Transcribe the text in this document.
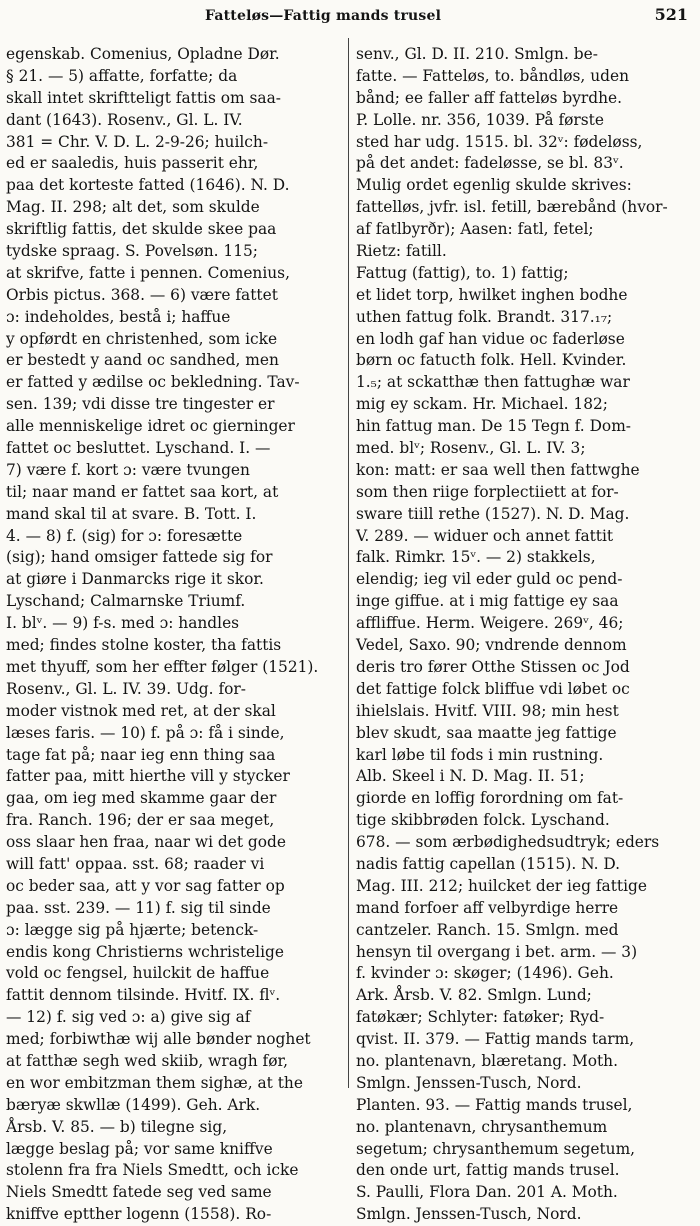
Fatteløs—Fattig mands trusel	521
egenskab. Comenius, Opladne Dør.
§ 21. — 5) affatte, forfatte; da
skall intet skriftteligt fattis om saa-
dant (1643). Rosenv., Gl. L. IV.
381 = Chr. V. D. L. 2-9-26; huilch-
ed er saaledis, huis passerit ehr,
paa det korteste fatted (1646). N. D.
Mag. II. 298; alt det, som skulde
skriftlig fattis, det skulde skee paa
tydske spraag. S. Povelsøn. 115;
at skrifve, fatte i pennen. Comenius,
Orbis pictus. 368. — 6) være fattet
ɔ: indeholdes, bestå i; haffue
y opførdt en christenhed, som icke
er bestedt y aand oc sandhed, men
er fatted y ædilse oc bekledning. Tav-
sen. 139; vdi disse tre tingester er
alle menniskelige idret oc gierninger
fattet oc besluttet. Lyschand. I. —
7) være f. kort ɔ: være tvungen
til; naar mand er fattet saa kort, at
mand skal til at svare. B. Tott. I.
4. — 8) f. (sig) for ɔ: foresætte
(sig); hand omsiger fattede sig for
at giøre i Danmarcks rige it skor.
Lyschand; Calmarnske Triumf.
I. blᵛ. — 9) f-s. med ɔ: handles
med; findes stolne koster, tha fattis
met thyuff, som her effter følger (1521).
Rosenv., Gl. L. IV. 39. Udg. for-
moder vistnok med ret, at der skal
læses faris. — 10) f. på ɔ: få i sinde,
tage fat på; naar ieg enn thing saa
fatter paa, mitt hierthe vill y stycker
gaa, om ieg med skamme gaar der
fra. Ranch. 196; der er saa meget,
oss slaar hen fraa, naar wi det gode
will fatt' oppaa. sst. 68; raader vi
oc beder saa, att y vor sag fatter op
paa. sst. 239. — 11) f. sig til sinde
ɔ: lægge sig på hjærte; betenck-
endis kong Christierns wchristelige
vold oc fengsel, huilckit de haffue
fattit dennom tilsinde. Hvitf. IX. flᵛ.
— 12) f. sig ved ɔ: a) give sig af
med; forbiwthæ wij alle bønder noghet
at fatthæ segh wed skiib, wragh før,
en wor embitzman them sighæ, at the
bæryæ skwllæ (1499). Geh. Ark.
Årsb. V. 85. — b) tilegne sig,
lægge beslag på; vor same kniffve
stolenn fra fra Niels Smedtt, och icke
Niels Smedtt fatede seg ved same
kniffve eptther logenn (1558). Ro-
senv., Gl. D. II. 210. Smlgn. be-
fatte. — Fatteløs, to. båndløs, uden
bånd; ee faller aff fatteløs byrdhe.
P. Lolle. nr. 356, 1039. På første
sted har udg. 1515. bl. 32ᵛ: fødeløss,
på det andet: fadeløsse, se bl. 83ᵛ.
Mulig ordet egenlig skulde skrives:
fattelløs, jvfr. isl. fetill, bærebånd (hvor-
af fatlbyrðr); Aasen: fatl, fetel;
Rietz: fatill.
Fattug (fattig), to. 1) fattig;
et lidet torp, hwilket inghen bodhe
uthen fattug folk. Brandt. 317.₁₇;
en lodh gaf han vidue oc faderløse
børn oc fatucth folk. Hell. Kvinder.
1.₅; at sckatthæ then fattughæ war
mig ey sckam. Hr. Michael. 182;
hin fattug man. De 15 Tegn f. Dom-
med. blᵛ; Rosenv., Gl. L. IV. 3;
kon: matt: er saa well then fattwghe
som then riige forplectiiett at for-
sware tiill rethe (1527). N. D. Mag.
V. 289. — widuer och annet fattit
falk. Rimkr. 15ᵛ. — 2) stakkels,
elendig; ieg vil eder guld oc pend-
inge giffue. at i mig fattige ey saa
affliffue. Herm. Weigere. 269ᵛ, 46;
Vedel, Saxo. 90; vndrende dennom
deris tro fører Otthe Stissen oc Jod
det fattige folck bliffue vdi løbet oc
ihielslais. Hvitf. VIII. 98; min hest
blev skudt, saa maatte jeg fattige
karl løbe til fods i min rustning.
Alb. Skeel i N. D. Mag. II. 51;
giorde en loffig forordning om fat-
tige skibbrøden folck. Lyschand.
678. — som ærbødighedsudtryk; eders
nadis fattig capellan (1515). N. D.
Mag. III. 212; huilcket der ieg fattige
mand forfoer aff velbyrdige herre
cantzeler. Ranch. 15. Smlgn. med
hensyn til overgang i bet. arm. — 3)
f. kvinder ɔ: skøger; (1496). Geh.
Ark. Årsb. V. 82. Smlgn. Lund;
fatøkær; Schlyter: fatøker; Ryd-
qvist. II. 379. — Fattig mands tarm,
no. plantenavn, blæretang. Moth.
Smlgn. Jenssen-Tusch, Nord.
Planten. 93. — Fattig mands trusel,
no. plantenavn, chrysanthemum
segetum; chrysanthemum segetum,
den onde urt, fattig mands trusel.
S. Paulli, Flora Dan. 201 A. Moth.
Smlgn. Jenssen-Tusch, Nord.
